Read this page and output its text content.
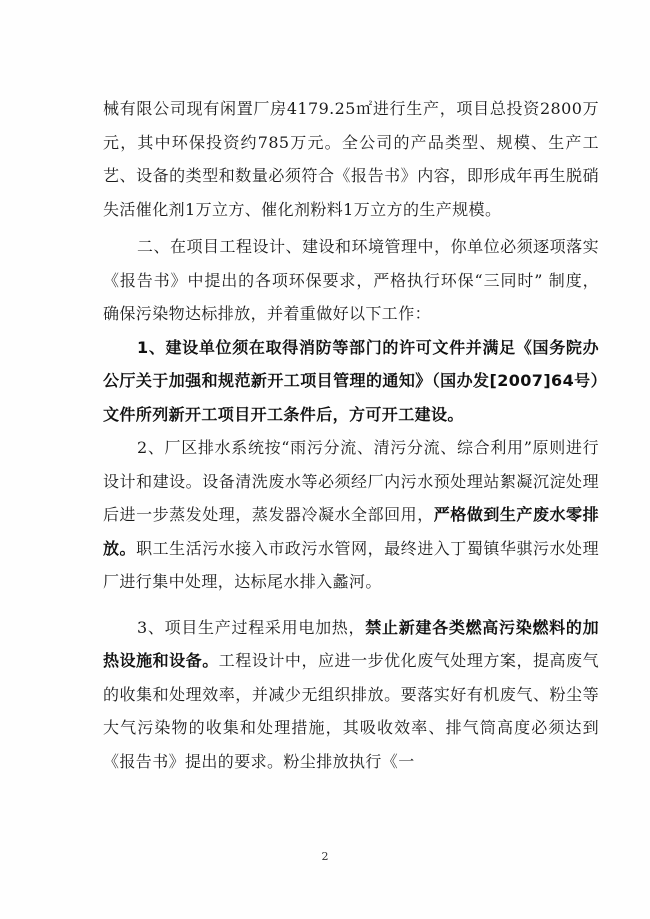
械有限公司现有闲置厂房4179.25㎡进行生产，项目总投资2800万元，其中环保投资约785万元。全公司的产品类型、规模、生产工艺、设备的类型和数量必须符合《报告书》内容，即形成年再生脱硝失活催化剂1万立方、催化剂粉料1万立方的生产规模。

二、在项目工程设计、建设和环境管理中，你单位必须逐项落实《报告书》中提出的各项环保要求，严格执行环保“三同时” 制度，确保污染物达标排放，并着重做好以下工作：

1、建设单位须在取得消防等部门的许可文件并满足《国务院办公厅关于加强和规范新开工项目管理的通知》（国办发[2007]64号）文件所列新开工项目开工条件后，方可开工建设。

2、厂区排水系统按“雨污分流、清污分流、综合利用”原则进行设计和建设。设备清洗废水等必须经厂内污水预处理站絮凝沉淀处理后进一步蒸发处理，蒸发器冷凝水全部回用，严格做到生产废水零排放。职工生活污水接入市政污水管网，最终进入丁蜀镇华骐污水处理厂进行集中处理，达标尾水排入蠡河。

3、项目生产过程采用电加热，禁止新建各类燃高污染燃料的加热设施和设备。工程设计中，应进一步优化废气处理方案，提高废气的收集和处理效率，并减少无组织排放。要落实好有机废气、粉尘等大气污染物的收集和处理措施，其吸收效率、排气筒高度必须达到《报告书》提出的要求。粉尘排放执行《一

2
